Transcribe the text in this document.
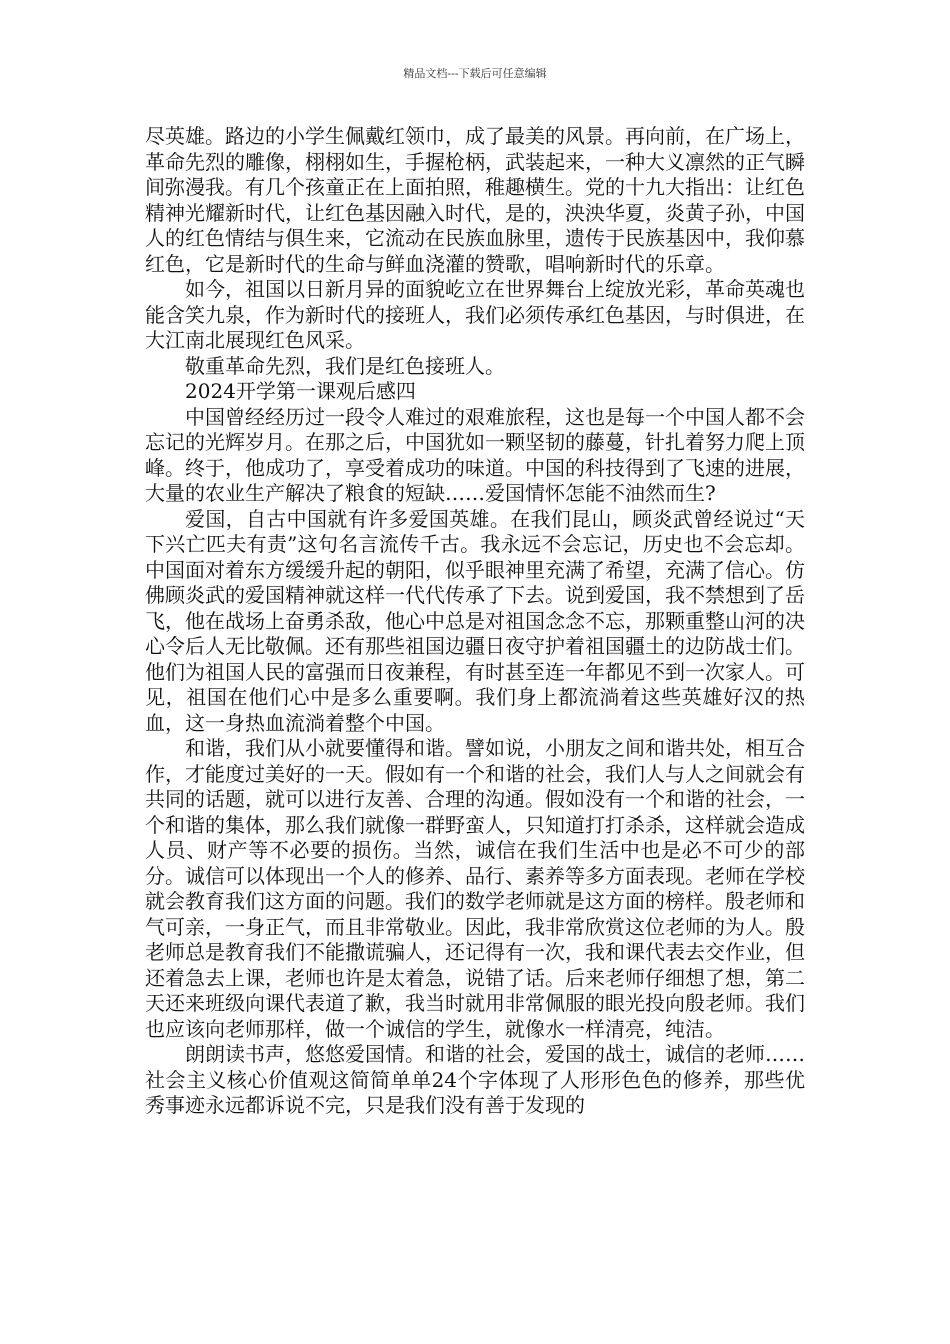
精品文档---下载后可任意编辑

尽英雄。路边的小学生佩戴红领巾，成了最美的风景。再向前，在广场上，革命先烈的雕像，栩栩如生，手握枪柄，武装起来，一种大义凛然的正气瞬间弥漫我。有几个孩童正在上面拍照，稚趣横生。党的十九大指出：让红色精神光耀新时代，让红色基因融入时代，是的，泱泱华夏，炎黄子孙，中国人的红色情结与俱生来，它流动在民族血脉里，遗传于民族基因中，我仰慕红色，它是新时代的生命与鲜血浇灌的赞歌，唱响新时代的乐章。

如今，祖国以日新月异的面貌屹立在世界舞台上绽放光彩，革命英魂也能含笑九泉，作为新时代的接班人，我们必须传承红色基因，与时俱进，在大江南北展现红色风采。

敬重革命先烈，我们是红色接班人。

2024开学第一课观后感四

中国曾经经历过一段令人难过的艰难旅程，这也是每一个中国人都不会忘记的光辉岁月。在那之后，中国犹如一颗坚韧的藤蔓，针扎着努力爬上顶峰。终于，他成功了，享受着成功的味道。中国的科技得到了飞速的进展，大量的农业生产解决了粮食的短缺……爱国情怀怎能不油然而生?

爱国，自古中国就有许多爱国英雄。在我们昆山，顾炎武曾经说过“天下兴亡匹夫有责”这句名言流传千古。我永远不会忘记，历史也不会忘却。中国面对着东方缓缓升起的朝阳，似乎眼神里充满了希望，充满了信心。仿佛顾炎武的爱国精神就这样一代代传承了下去。说到爱国，我不禁想到了岳飞，他在战场上奋勇杀敌，他心中总是对祖国念念不忘，那颗重整山河的决心令后人无比敬佩。还有那些祖国边疆日夜守护着祖国疆土的边防战士们。他们为祖国人民的富强而日夜兼程，有时甚至连一年都见不到一次家人。可见，祖国在他们心中是多么重要啊。我们身上都流淌着这些英雄好汉的热血，这一身热血流淌着整个中国。

和谐，我们从小就要懂得和谐。譬如说，小朋友之间和谐共处，相互合作，才能度过美好的一天。假如有一个和谐的社会，我们人与人之间就会有共同的话题，就可以进行友善、合理的沟通。假如没有一个和谐的社会，一个和谐的集体，那么我们就像一群野蛮人，只知道打打杀杀，这样就会造成人员、财产等不必要的损伤。当然，诚信在我们生活中也是必不可少的部分。诚信可以体现出一个人的修养、品行、素养等多方面表现。老师在学校就会教育我们这方面的问题。我们的数学老师就是这方面的榜样。殷老师和气可亲，一身正气，而且非常敬业。因此，我非常欣赏这位老师的为人。殷老师总是教育我们不能撒谎骗人，还记得有一次，我和课代表去交作业，但还着急去上课，老师也许是太着急，说错了话。后来老师仔细想了想，第二天还来班级向课代表道了歉，我当时就用非常佩服的眼光投向殷老师。我们也应该向老师那样，做一个诚信的学生，就像水一样清亮，纯洁。

朗朗读书声，悠悠爱国情。和谐的社会，爱国的战士，诚信的老师……社会主义核心价值观这简简单单24个字体现了人形形色色的修养，那些优秀事迹永远都诉说不完，只是我们没有善于发现的
